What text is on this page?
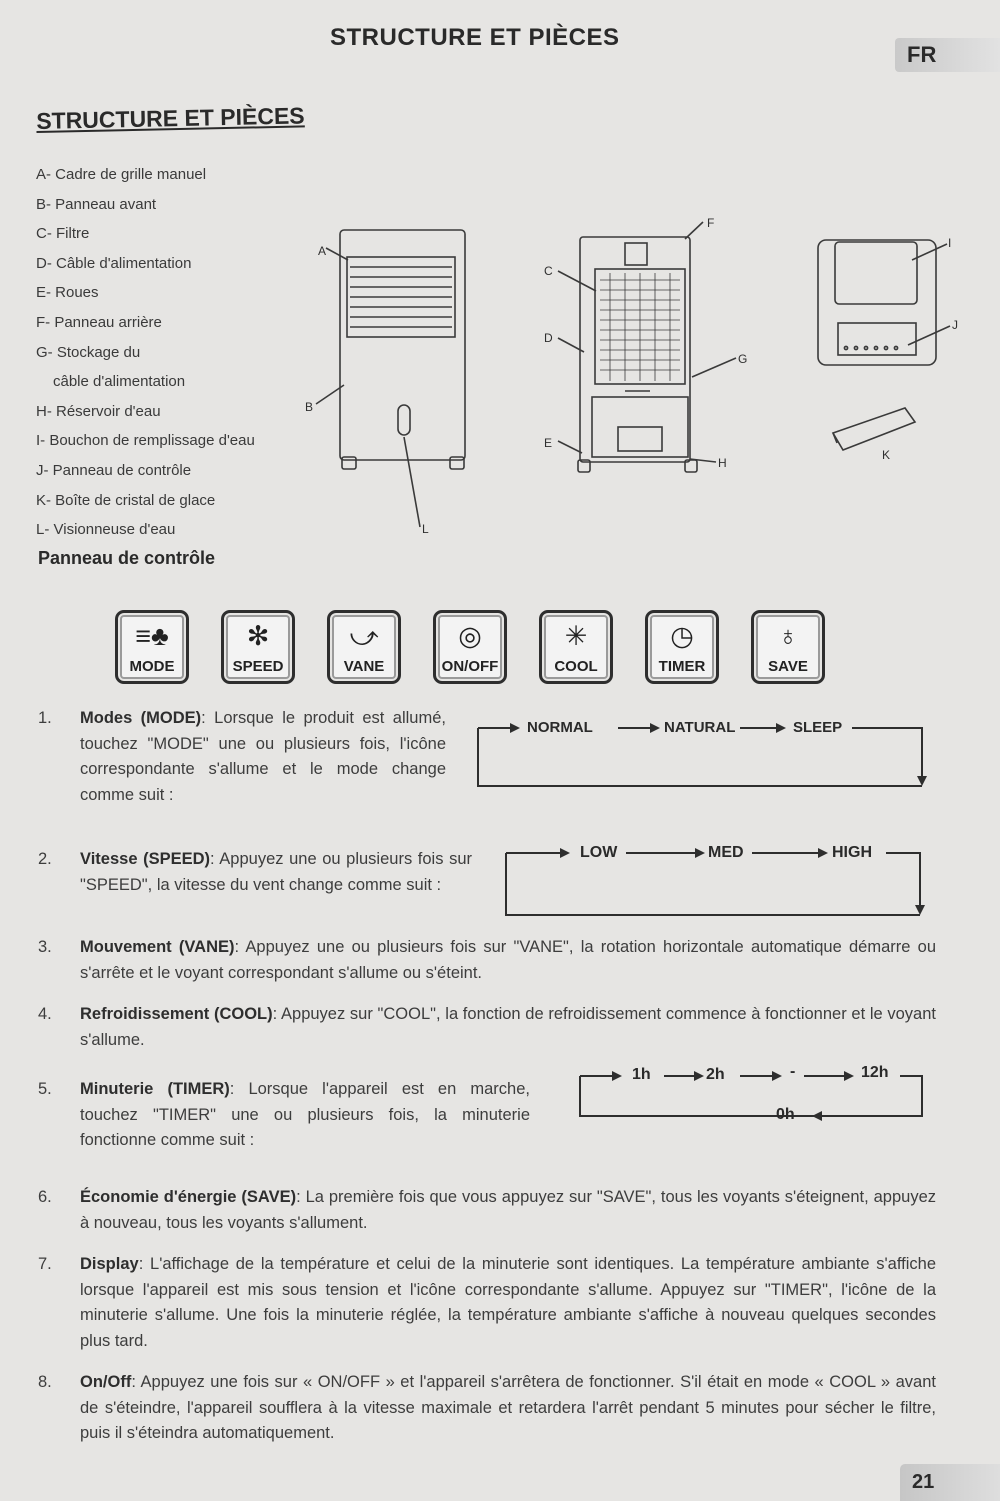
STRUCTURE ET PIÈCES
FR
STRUCTURE ET PIÈCES
A- Cadre de grille manuel
B- Panneau avant
C- Filtre
D- Câble d'alimentation
E- Roues
F- Panneau arrière
G- Stockage du
câble d'alimentation
H- Réservoir d'eau
I- Bouchon de remplissage d'eau
J- Panneau de contrôle
K- Boîte de cristal de glace
L- Visionneuse d'eau
A
B
C
D
E
F
G
H
I
J
K
L
Panneau de contrôle
≡♣
MODE
✻
SPEED
⤻
VANE
◎
ON/OFF
✳
COOL
◷
TIMER
♁
SAVE
1. Modes (MODE): Lorsque le produit est allumé, touchez "MODE" une ou plusieurs fois, l'icône correspondante s'allume et le mode change comme suit :
2. Vitesse (SPEED): Appuyez une ou plusieurs fois sur "SPEED", la vitesse du vent change comme suit :
3. Mouvement (VANE): Appuyez une ou plusieurs fois sur "VANE", la rotation horizontale automatique démarre ou s'arrête et le voyant correspondant s'allume ou s'éteint.
4. Refroidissement (COOL): Appuyez sur "COOL", la fonction de refroidissement commence à fonctionner et le voyant s'allume.
5. Minuterie (TIMER): Lorsque l'appareil est en marche, touchez "TIMER" une ou plusieurs fois, la minuterie fonctionne comme suit :
6. Économie d'énergie (SAVE): La première fois que vous appuyez sur "SAVE", tous les voyants s'éteignent, appuyez à nouveau, tous les voyants s'allument.
7. Display: L'affichage de la température et celui de la minuterie sont identiques. La température ambiante s'affiche lorsque l'appareil est mis sous tension et l'icône correspondante s'allume. Appuyez sur "TIMER", l'icône de la minuterie s'allume. Une fois la minuterie réglée, la température ambiante s'affiche à nouveau quelques secondes plus tard.
8. On/Off: Appuyez une fois sur « ON/OFF » et l'appareil s'arrêtera de fonctionner. S'il était en mode « COOL » avant de s'éteindre, l'appareil soufflera à la vitesse maximale et retardera l'arrêt pendant 5 minutes pour sécher le filtre, puis il s'éteindra automatiquement.
NORMAL	NATURAL	SLEEP
LOW	MED	HIGH
1h	2h	-	12h
0h
21
